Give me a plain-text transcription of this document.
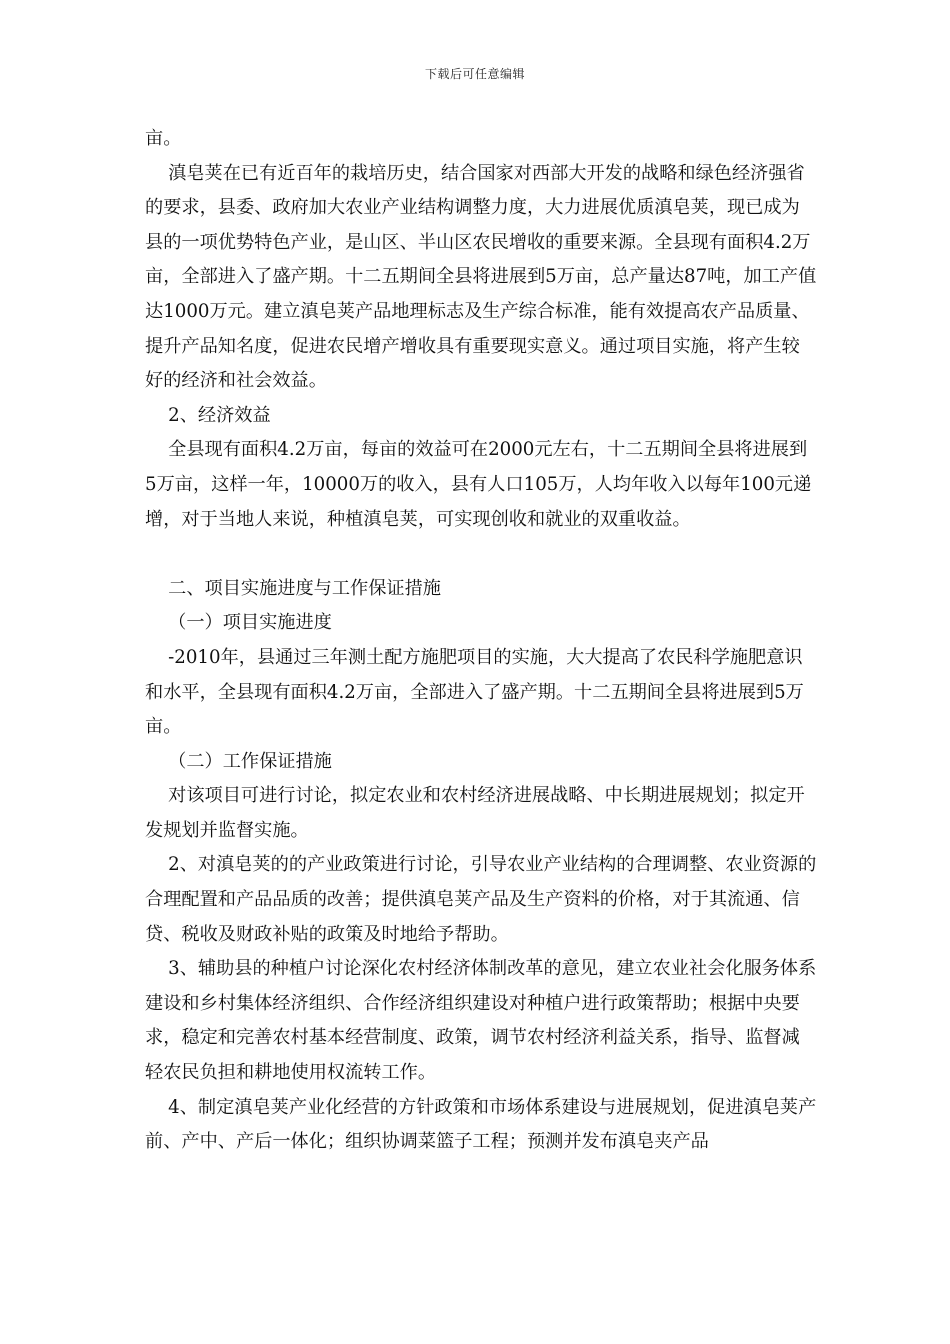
下载后可任意编辑

亩。

滇皂荚在已有近百年的栽培历史，结合国家对西部大开发的战略和绿色经济强省的要求，县委、政府加大农业产业结构调整力度，大力进展优质滇皂荚，现已成为县的一项优势特色产业，是山区、半山区农民增收的重要来源。全县现有面积4.2万亩，全部进入了盛产期。十二五期间全县将进展到5万亩，总产量达87吨，加工产值达1000万元。建立滇皂荚产品地理标志及生产综合标准，能有效提高农产品质量、提升产品知名度，促进农民增产增收具有重要现实意义。通过项目实施，将产生较好的经济和社会效益。

2、经济效益

全县现有面积4.2万亩，每亩的效益可在2000元左右，十二五期间全县将进展到5万亩，这样一年，10000万的收入，县有人口105万，人均年收入以每年100元递增，对于当地人来说，种植滇皂荚，可实现创收和就业的双重收益。

二、项目实施进度与工作保证措施

（一）项目实施进度

-2010年，县通过三年测土配方施肥项目的实施，大大提高了农民科学施肥意识和水平，全县现有面积4.2万亩，全部进入了盛产期。十二五期间全县将进展到5万亩。

（二）工作保证措施

对该项目可进行讨论，拟定农业和农村经济进展战略、中长期进展规划；拟定开发规划并监督实施。

2、对滇皂荚的的产业政策进行讨论，引导农业产业结构的合理调整、农业资源的合理配置和产品品质的改善；提供滇皂荚产品及生产资料的价格，对于其流通、信贷、税收及财政补贴的政策及时地给予帮助。

3、辅助县的种植户讨论深化农村经济体制改革的意见，建立农业社会化服务体系建设和乡村集体经济组织、合作经济组织建设对种植户进行政策帮助；根据中央要求，稳定和完善农村基本经营制度、政策，调节农村经济利益关系，指导、监督减轻农民负担和耕地使用权流转工作。

4、制定滇皂荚产业化经营的方针政策和市场体系建设与进展规划，促进滇皂荚产前、产中、产后一体化；组织协调菜篮子工程；预测并发布滇皂夹产品
